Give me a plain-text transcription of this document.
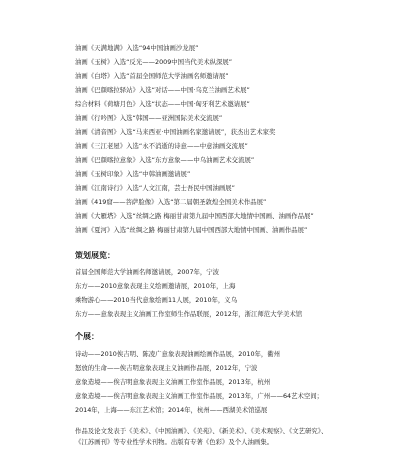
油画《天满地满》入选“94中国油画沙龙展”
油画《玉树》入选“反光——2009中国当代美术纵深展”
油画《白塔》入选“首届全国师范大学油画名师邀请展”
油画《巴颜喀拉驿站》入选“对话——中国·乌克兰油画艺术展”
综合材料《荷塘月色》入选“状态——中国·匈牙利艺术邀请展”
油画《行吟图》入选“韩国——亚洲国际美术交流展”
油画《清音图》入选“马来西亚·中国油画名家邀请展”，获杰出艺术家奖
油画《三江老屋》入选“永不消逝的诗意——中意油画交流展”
油画《巴颜喀拉意象》入选“东方意象——中乌油画艺术交流展”
油画《玉树印象》入选“中韩油画邀请展”
油画《江南诗行》入选“人文江南，芸士吾民中国油画展”
油画《419窟——菩萨脸像》入选“第二届朝圣敦煌全国美术作品展”
油画《大雁塔》入选“丝绸之路 梅丽甘肃第九届中国西部大地情中国画、油画作品展”
油画《夏河》入选“丝绸之路 梅丽甘肃第九届中国西部大地情中国画、油画作品展”
策划展览：
首届全国师范大学油画名师邀请展，2007年，宁波
东方——2010意象表现主义绘画邀请展，2010年，上海
乘物游心——2010当代意象绘画11人展，2010年，义乌
东方——意象表现主义油画工作室师生作品联展，2012年，浙江师范大学美术馆
个展：
诗动——2010俟吉明、陈凌广意象表现油画绘画作品展，2010年，衢州
怒放的生命——俟吉明意象表现主义油画作品展，2012年，宁波
意象造境——俟吉明意象表现主义油画工作室作品展，2013年，杭州
意象造境——俟吉明意象表现主义油画工作室作品展，2013年，广州——64艺术空间；
2014年，上海——东江艺术馆；2014年，杭州——西湖美术馆巡展
作品及论文发表于《美术》、《中国油画》、《美苑》、《新美术》、《美术观察》、《文艺研究》、《江苏画刊》等专业性学术刊物。出版有专著《色彩》及个人油画集。
